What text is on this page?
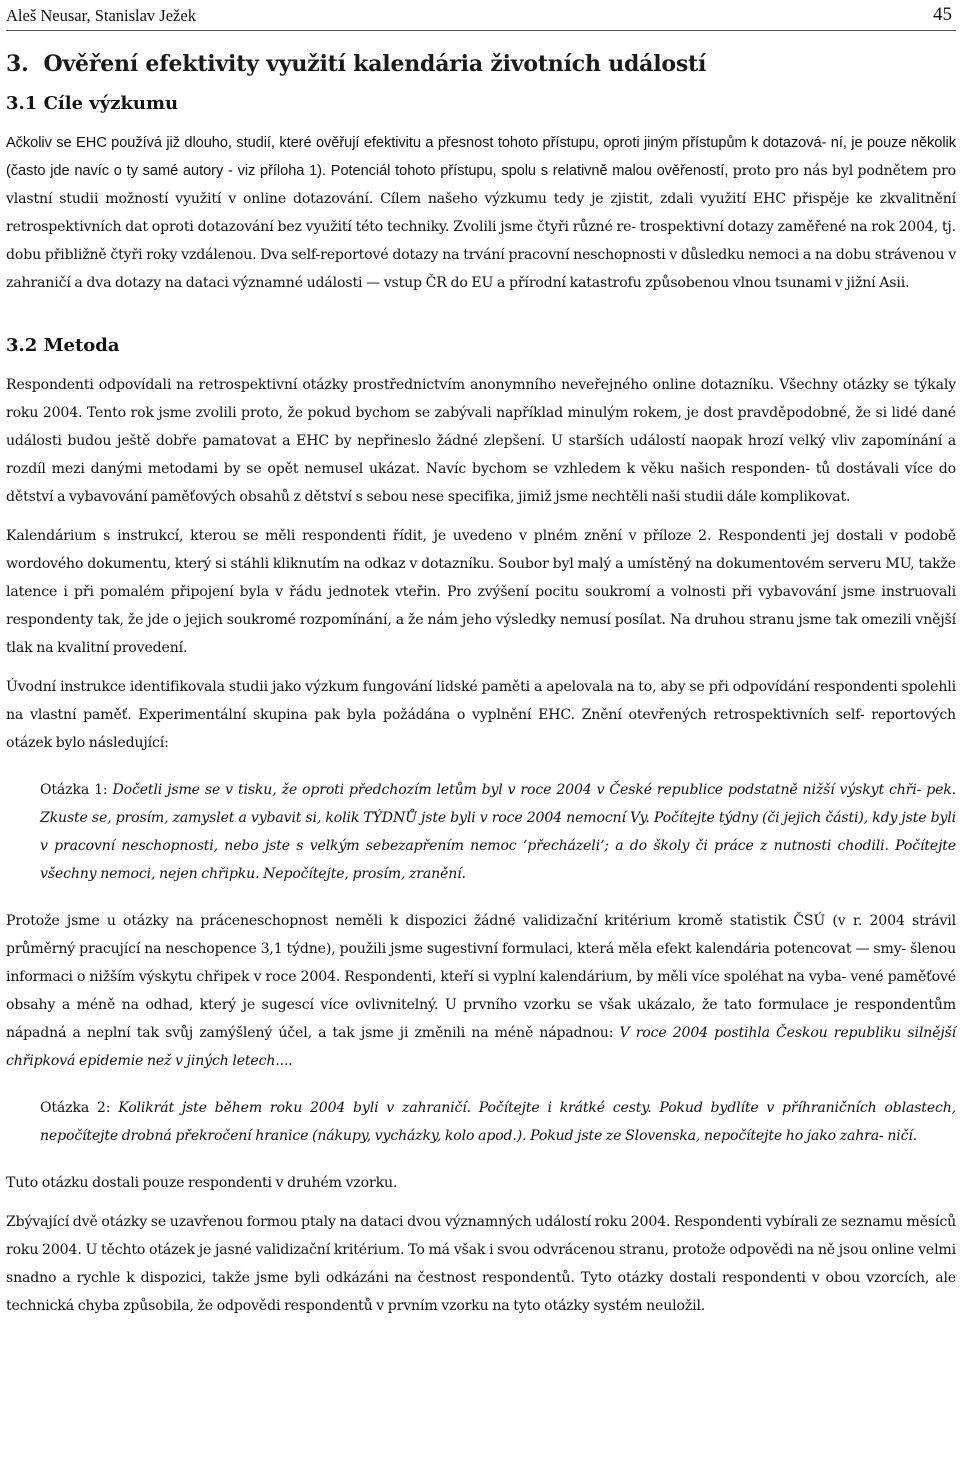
Aleš Neusar, Stanislav Ježek	45
3.  Ověření efektivity využití kalendária životních událostí
3.1 Cíle výzkumu

Ačkoliv se EHC používá již dlouho, studií, které ověřují efektivitu a přesnost tohoto přístupu, oproti jiným přístupům k dotazová- ní, je pouze několik (často jde navíc o ty samé autory - viz příloha 1). Potenciál tohoto přístupu, spolu s relativně malou ověřeností, proto pro nás byl podnětem pro vlastní studii možností využití v online dotazování. Cílem našeho výzkumu tedy je zjistit, zdali využití EHC přispěje ke zkvalitnění retrospektivních dat oproti dotazování bez využití této techniky. Zvolili jsme čtyři různé re- trospektivní dotazy zaměřené na rok 2004, tj. dobu přibližně čtyři roky vzdálenou. Dva self-reportové dotazy na trvání pracovní neschopnosti v důsledku nemoci a na dobu strávenou v zahraničí a dva dotazy na dataci významné události — vstup ČR do EU a přírodní katastrofu způsobenou vlnou tsunami v jižní Asii.

3.2 Metoda

Respondenti odpovídali na retrospektivní otázky prostřednictvím anonymního neveřejného online dotazníku. Všechny otázky se týkaly roku 2004. Tento rok jsme zvolili proto, že pokud bychom se zabývali například minulým rokem, je dost pravděpodobné, že si lidé dané události budou ještě dobře pamatovat a EHC by nepřineslo žádné zlepšení. U starších událostí naopak hrozí velký vliv zapomínání a rozdíl mezi danými metodami by se opět nemusel ukázat. Navíc bychom se vzhledem k věku našich responden- tů dostávali více do dětství a vybavování paměťových obsahů z dětství s sebou nese specifika, jimiž jsme nechtěli naši studii dále komplikovat.

Kalendárium s instrukcí, kterou se měli respondenti řídit, je uvedeno v plném znění v příloze 2. Respondenti jej dostali v podobě wordového dokumentu, který si stáhli kliknutím na odkaz v dotazníku. Soubor byl malý a umístěný na dokumentovém serveru MU, takže latence i při pomalém připojení byla v řádu jednotek vteřin. Pro zvýšení pocitu soukromí a volnosti při vybavování jsme instruovali respondenty tak, že jde o jejich soukromé rozpomínání, a že nám jeho výsledky nemusí posílat. Na druhou stranu jsme tak omezili vnější tlak na kvalitní provedení.

Úvodní instrukce identifikovala studii jako výzkum fungování lidské paměti a apelovala na to, aby se při odpovídání respondenti spolehli na vlastní paměť. Experimentální skupina pak byla požádána o vyplnění EHC. Znění otevřených retrospektivních self- reportových otázek bylo následující:

Otázka 1: Dočetli jsme se v tisku, že oproti předchozím letům byl v roce 2004 v České republice podstatně nižší výskyt chři- pek. Zkuste se, prosím, zamyslet a vybavit si, kolik TÝDNŮ jste byli v roce 2004 nemocní Vy. Počítejte týdny (či jejich části), kdy jste byli v pracovní neschopnosti, nebo jste s velkým sebezapřením nemoc ‘přecházeli‘; a do školy či práce z nutnosti chodili. Počítejte všechny nemoci, nejen chřipku. Nepočítejte, prosím, zranění.

Protože jsme u otázky na práceneschopnost neměli k dispozici žádné validizační kritérium kromě statistik ČSÚ (v r. 2004 strávil průměrný pracující na neschopence 3,1 týdne), použili jsme sugestivní formulaci, která měla efekt kalendária potencovat — smy- šlenou informaci o nižším výskytu chřipek v roce 2004. Respondenti, kteří si vyplní kalendárium, by měli více spoléhat na vyba- vené paměťové obsahy a méně na odhad, který je sugescí více ovlivnitelný. U prvního vzorku se však ukázalo, že tato formulace je respondentům nápadná a neplní tak svůj zamýšlený účel, a tak jsme ji změnili na méně nápadnou: V roce 2004 postihla Českou republiku silnější chřipková epidemie než v jiných letech....

Otázka 2: Kolikrát jste během roku 2004 byli v zahraničí. Počítejte i krátké cesty. Pokud bydlíte v příhraničních oblastech, nepočítejte drobná překročení hranice (nákupy, vycházky, kolo apod.). Pokud jste ze Slovenska, nepočítejte ho jako zahra- ničí.

Tuto otázku dostali pouze respondenti v druhém vzorku.

Zbývající dvě otázky se uzavřenou formou ptaly na dataci dvou významných událostí roku 2004. Respondenti vybírali ze seznamu měsíců roku 2004. U těchto otázek je jasné validizační kritérium. To má však i svou odvrácenou stranu, protože odpovědi na ně jsou online velmi snadno a rychle k dispozici, takže jsme byli odkázáni na čestnost respondentů. Tyto otázky dostali respondenti v obou vzorcích, ale technická chyba způsobila, že odpovědi respondentů v prvním vzorku na tyto otázky systém neuložil.
